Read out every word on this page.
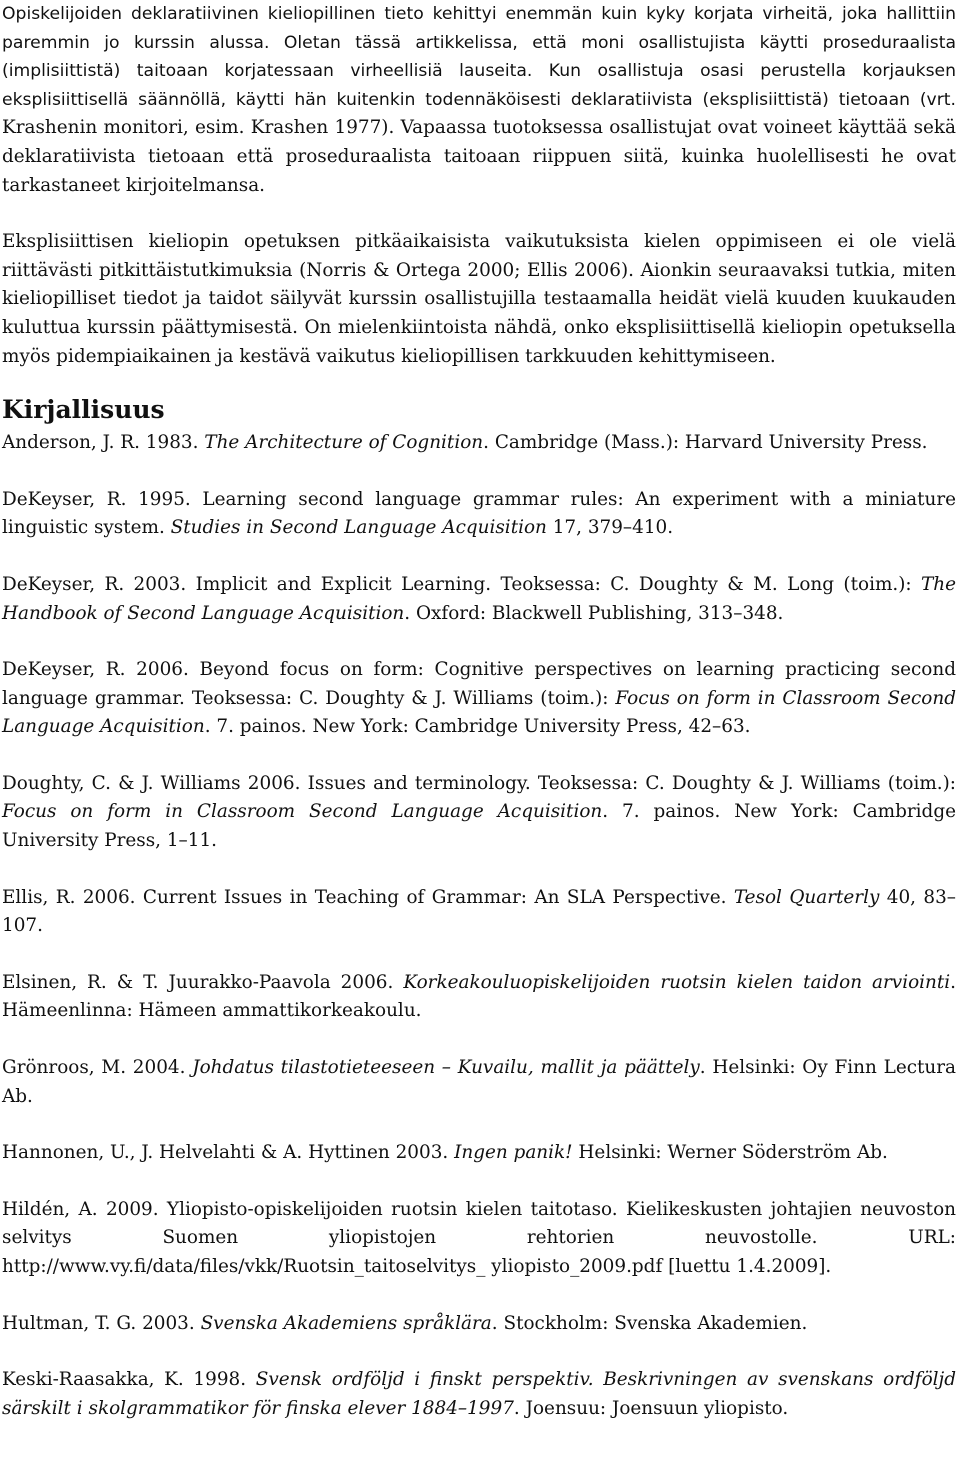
Opiskelijoiden deklaratiivinen kieliopillinen tieto kehittyi enemmän kuin kyky korjata virheitä, joka hallittiin paremmin jo kurssin alussa. Oletan tässä artikkelissa, että moni osallistujista käytti proseduraalista (implisiittistä) taitoaan korjatessaan virheellisiä lauseita. Kun osallistuja osasi perustella korjauksen eksplisiittisellä säännöllä, käytti hän kuitenkin todennäköisesti deklaratiivista (eksplisiittistä) tietoaan (vrt. Krashenin monitori, esim. Krashen 1977). Vapaassa tuotoksessa osallistujat ovat voineet käyttää sekä deklaratiivista tietoaan että proseduraalista taitoaan riippuen siitä, kuinka huolellisesti he ovat tarkastaneet kirjoitelmansa.

Eksplisiittisen kieliopin opetuksen pitkäaikaisista vaikutuksista kielen oppimiseen ei ole vielä riittävästi pitkittäistutkimuksia (Norris & Ortega 2000; Ellis 2006). Aionkin seuraavaksi tutkia, miten kieliopilliset tiedot ja taidot säilyvät kurssin osallistujilla testaamalla heidät vielä kuuden kuukauden kuluttua kurssin päättymisestä. On mielenkiintoista nähdä, onko eksplisiittisellä kieliopin opetuksella myös pidempiaikainen ja kestävä vaikutus kieliopillisen tarkkuuden kehittymiseen.

Kirjallisuus

Anderson, J. R. 1983. The Architecture of Cognition. Cambridge (Mass.): Harvard University Press.

DeKeyser, R. 1995. Learning second language grammar rules: An experiment with a miniature linguistic system. Studies in Second Language Acquisition 17, 379–410.

DeKeyser, R. 2003. Implicit and Explicit Learning. Teoksessa: C. Doughty & M. Long (toim.): The Handbook of Second Language Acquisition. Oxford: Blackwell Publishing, 313–348.

DeKeyser, R. 2006. Beyond focus on form: Cognitive perspectives on learning practicing second language grammar. Teoksessa: C. Doughty & J. Williams (toim.): Focus on form in Classroom Second Language Acquisition. 7. painos. New York: Cambridge University Press, 42–63.

Doughty, C. & J. Williams 2006. Issues and terminology. Teoksessa: C. Doughty & J. Williams (toim.): Focus on form in Classroom Second Language Acquisition. 7. painos. New York: Cambridge University Press, 1–11.

Ellis, R. 2006. Current Issues in Teaching of Grammar: An SLA Perspective. Tesol Quarterly 40, 83–107.

Elsinen, R. & T. Juurakko-Paavola 2006. Korkeakouluopiskelijoiden ruotsin kielen taidon arviointi. Hämeenlinna: Hämeen ammattikorkeakoulu.

Grönroos, M. 2004. Johdatus tilastotieteeseen – Kuvailu, mallit ja päättely. Helsinki: Oy Finn Lectura Ab.

Hannonen, U., J. Helvelahti & A. Hyttinen 2003. Ingen panik! Helsinki: Werner Söderström Ab.

Hildén, A. 2009. Yliopisto-opiskelijoiden ruotsin kielen taitotaso. Kielikeskusten johtajien neuvoston selvitys Suomen yliopistojen rehtorien neuvostolle. URL: http://www.vy.fi/data/files/vkk/Ruotsin_taitoselvitys_ yliopisto_2009.pdf [luettu 1.4.2009].

Hultman, T. G. 2003. Svenska Akademiens språklära. Stockholm: Svenska Akademien.

Keski-Raasakka, K. 1998. Svensk ordföljd i finskt perspektiv. Beskrivningen av svenskans ordföljd särskilt i skolgrammatikor för finska elever 1884–1997. Joensuu: Joensuun yliopisto.
